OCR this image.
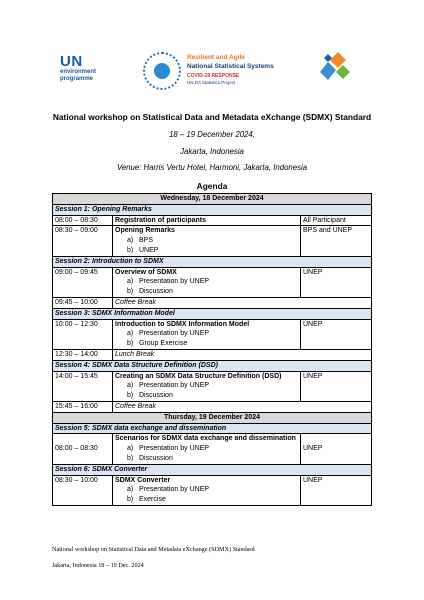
UN
environment
programme
Resilient and Agile
National Statistical Systems
COVID-19 RESPONSE
UN DA Statistics Project
National workshop on Statistical Data and Metadata eXchange (SDMX) Standard
18 – 19 December 2024,
Jakarta, Indonesia
Venue: Harris Vertu Hotel, Harmoni, Jakarta, Indonesia
Agenda
Wednesday, 18 December 2024		
Session 1: Opening Remarks		
08:00 – 08:30	Registration of participants	All Participant
08:30 – 09:00	Opening Remarks
a) BPS
b) UNEP	BPS and UNEP
Session 2: Introduction to SDMX		
09:00 – 09:45	Overview of SDMX
a) Presentation by UNEP
b) Discussion	UNEP
09:45 – 10:00	Coffee Break	
Session 3: SDMX Information Model		
10:00 – 12:30	Introduction to SDMX Information Model
a) Presentation by UNEP
b) Group Exercise	UNEP
12:30 – 14:00	Lunch Break	
Session 4: SDMX Data Structure Definition (DSD)		
14:00 – 15:45	Creating an SDMX Data Structure Definition (DSD)
a) Presentation by UNEP
b) Discussion	UNEP
15:45 – 16:00	Coffee Break	
Thursday, 19 December 2024		
Session 5: SDMX data exchange and dissemination		
08:00 – 08:30	Scenarios for SDMX data exchange and dissemination
a) Presentation by UNEP
b) Discussion	UNEP
Session 6: SDMX Converter		
08:30 – 10:00	SDMX Converter
a) Presentation by UNEP
b) Exercise	UNEP
National workshop on Statistical Data and Metadata eXchange (SDMX) Standard
Jakarta, Indonesia 18 – 19 Dec. 2024
